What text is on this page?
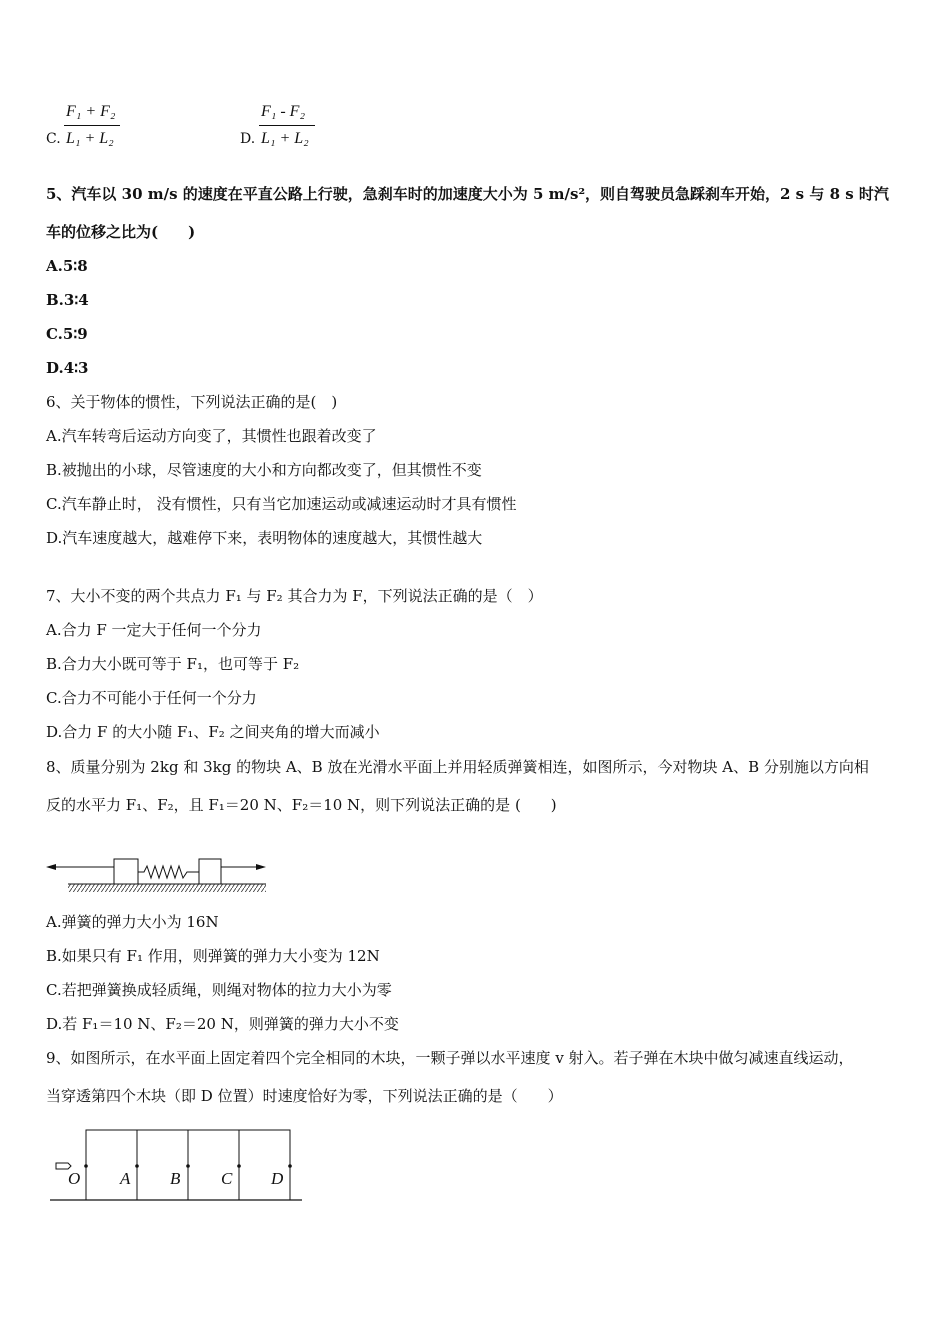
C.
F₁ + F₂
L₁ + L₂	D.
F₁ - F₂
L₁ + L₂
5、汽车以 30 m/s 的速度在平直公路上行驶，急刹车时的加速度大小为 5 m/s²，则自驾驶员急踩刹车开始，2 s 与 8 s 时汽
车的位移之比为(　　)
A.5∶8
B.3∶4
C.5∶9
D.4∶3
6、关于物体的惯性，下列说法正确的是(　)
A.汽车转弯后运动方向变了，其惯性也跟着改变了
B.被抛出的小球，尽管速度的大小和方向都改变了，但其惯性不变
C.汽车静止时， 没有惯性，只有当它加速运动或减速运动时才具有惯性
D.汽车速度越大，越难停下来，表明物体的速度越大，其惯性越大
7、大小不变的两个共点力 F₁ 与 F₂ 其合力为 F，下列说法正确的是（　）
A.合力 F 一定大于任何一个分力
B.合力大小既可等于 F₁，也可等于 F₂
C.合力不可能小于任何一个分力
D.合力 F 的大小随 F₁、F₂ 之间夹角的增大而减小
8、质量分别为 2kg 和 3kg 的物块 A、B 放在光滑水平面上并用轻质弹簧相连，如图所示，今对物块 A、B 分别施以方向相
反的水平力 F₁、F₂，且 F₁＝20 N、F₂＝10 N，则下列说法正确的是 (　　)
A.弹簧的弹力大小为 16N
B.如果只有 F₁ 作用，则弹簧的弹力大小变为 12N
C.若把弹簧换成轻质绳，则绳对物体的拉力大小为零
D.若 F₁＝10 N、F₂＝20 N，则弹簧的弹力大小不变
9、如图所示，在水平面上固定着四个完全相同的木块，一颗子弹以水平速度 v 射入。若子弹在木块中做匀减速直线运动，
当穿透第四个木块（即 D 位置）时速度恰好为零，下列说法正确的是（　　）
O A B C D
